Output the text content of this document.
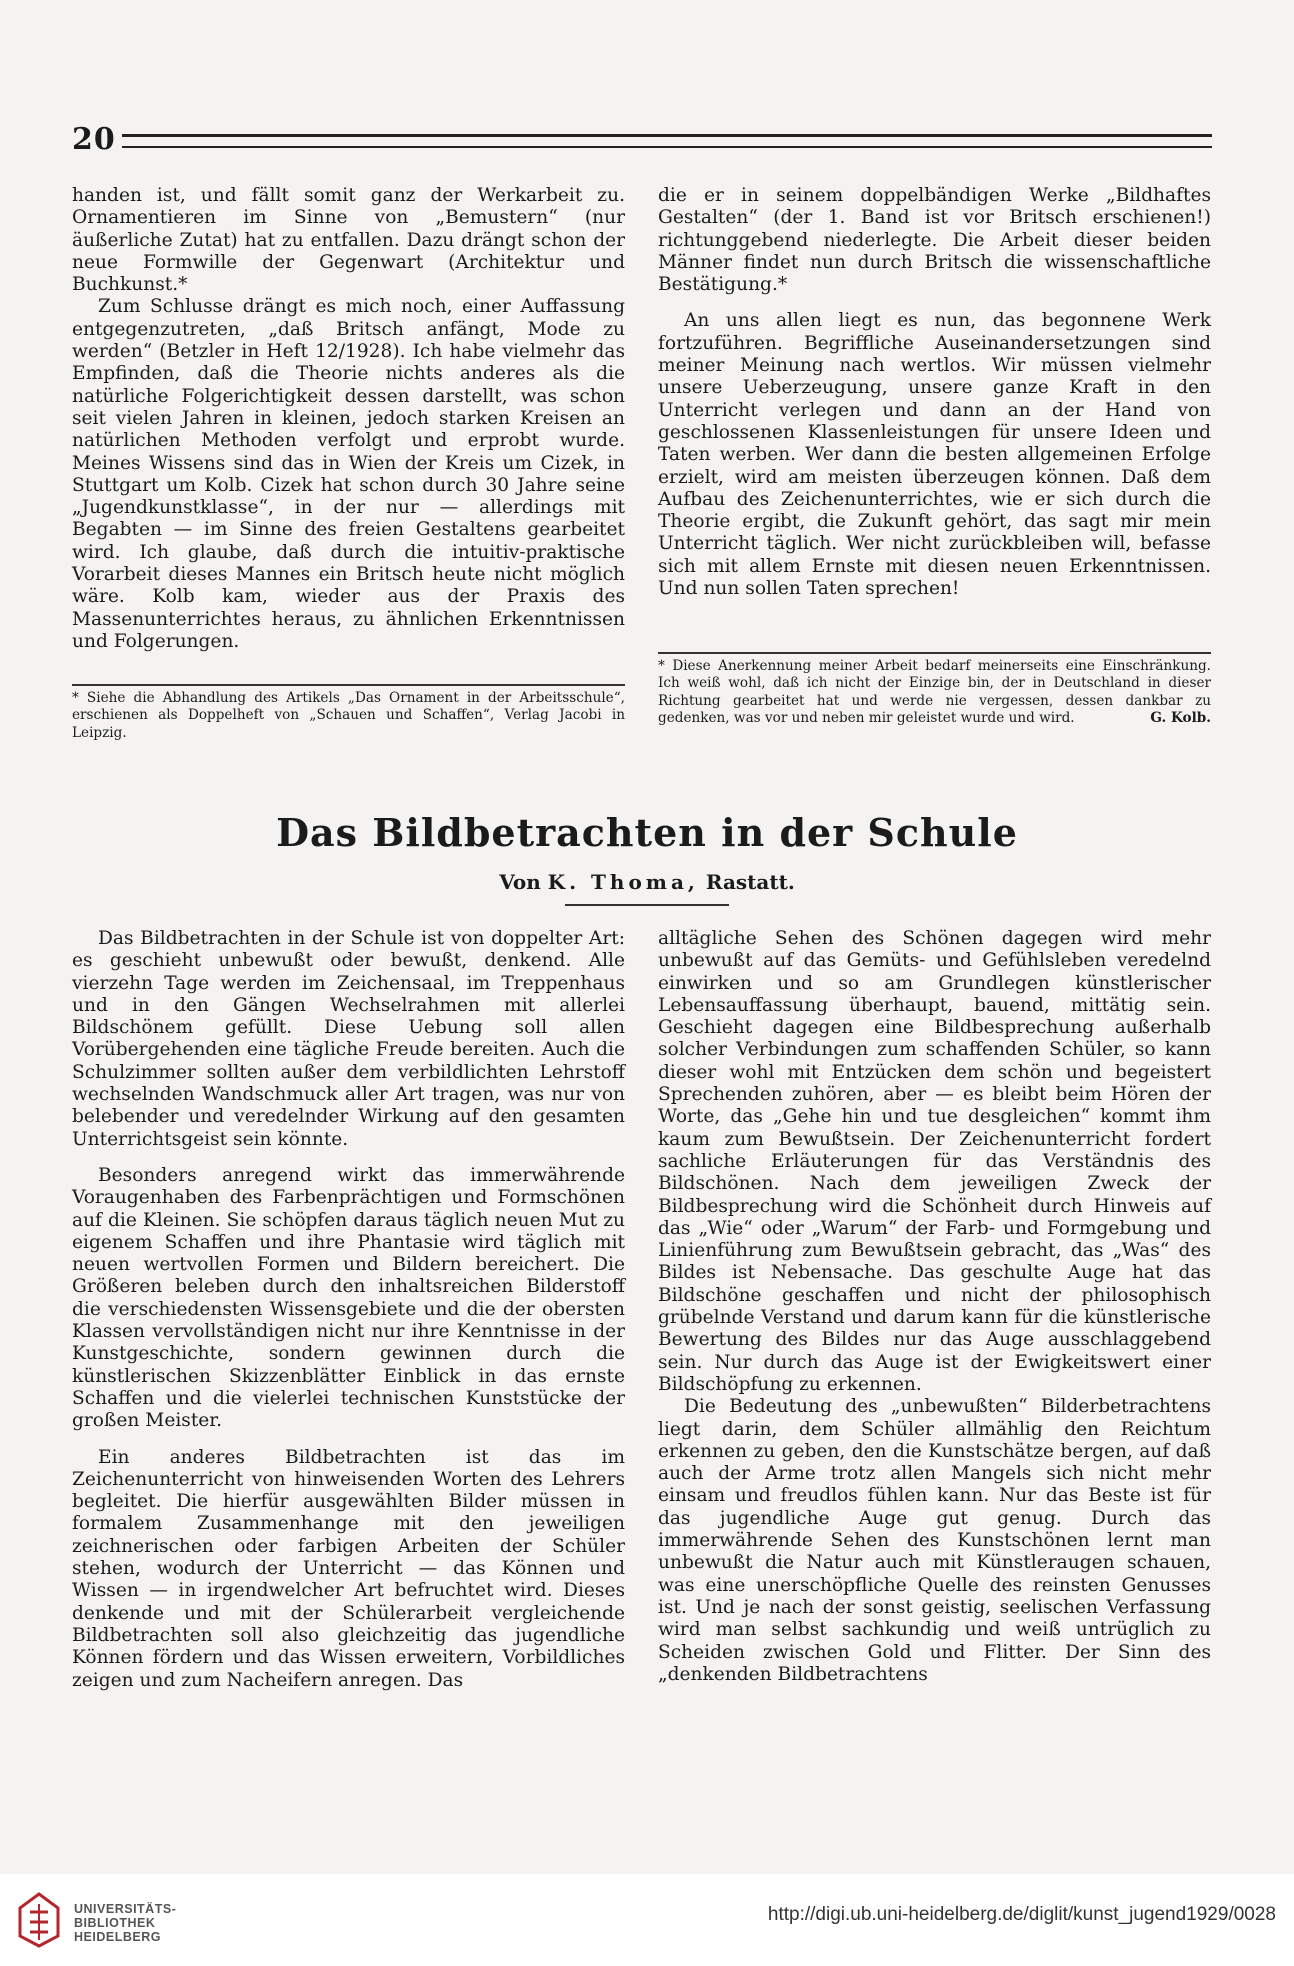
20

handen ist, und fällt somit ganz der Werkarbeit zu. Ornamentieren im Sinne von „Bemustern“ (nur äußerliche Zutat) hat zu entfallen. Dazu drängt schon der neue Formwille der Gegenwart (Architektur und Buchkunst.*

Zum Schlusse drängt es mich noch, einer Auffassung entgegenzutreten, „daß Britsch anfängt, Mode zu werden“ (Betzler in Heft 12/1928). Ich habe vielmehr das Empfinden, daß die Theorie nichts anderes als die natürliche Folgerichtigkeit dessen darstellt, was schon seit vielen Jahren in kleinen, jedoch starken Kreisen an natürlichen Methoden verfolgt und erprobt wurde. Meines Wissens sind das in Wien der Kreis um Cizek, in Stuttgart um Kolb. Cizek hat schon durch 30 Jahre seine „Jugendkunstklasse“, in der nur — allerdings mit Begabten — im Sinne des freien Gestaltens gearbeitet wird. Ich glaube, daß durch die intuitiv-praktische Vorarbeit dieses Mannes ein Britsch heute nicht möglich wäre. Kolb kam, wieder aus der Praxis des Massenunterrichtes heraus, zu ähnlichen Erkenntnissen und Folgerungen.

* Siehe die Abhandlung des Artikels „Das Ornament in der Arbeitsschule“, erschienen als Doppelheft von „Schauen und Schaffen“, Verlag Jacobi in Leipzig.

die er in seinem doppelbändigen Werke „Bildhaftes Gestalten“ (der 1. Band ist vor Britsch erschienen!) richtunggebend niederlegte. Die Arbeit dieser beiden Männer findet nun durch Britsch die wissenschaftliche Bestätigung.*

An uns allen liegt es nun, das begonnene Werk fortzuführen. Begriffliche Auseinandersetzungen sind meiner Meinung nach wertlos. Wir müssen vielmehr unsere Ueberzeugung, unsere ganze Kraft in den Unterricht verlegen und dann an der Hand von geschlossenen Klassenleistungen für unsere Ideen und Taten werben. Wer dann die besten allgemeinen Erfolge erzielt, wird am meisten überzeugen können. Daß dem Aufbau des Zeichenunterrichtes, wie er sich durch die Theorie ergibt, die Zukunft gehört, das sagt mir mein Unterricht täglich. Wer nicht zurückbleiben will, befasse sich mit allem Ernste mit diesen neuen Erkenntnissen. Und nun sollen Taten sprechen!

* Diese Anerkennung meiner Arbeit bedarf meinerseits eine Einschränkung. Ich weiß wohl, daß ich nicht der Einzige bin, der in Deutschland in dieser Richtung gearbeitet hat und werde nie vergessen, dessen dankbar zu gedenken, was vor und neben mir geleistet wurde und wird.	G. Kolb.

Das Bildbetrachten in der Schule
Von K. Thoma, Rastatt.

Das Bildbetrachten in der Schule ist von doppelter Art: es geschieht unbewußt oder bewußt, denkend. Alle vierzehn Tage werden im Zeichensaal, im Treppenhaus und in den Gängen Wechselrahmen mit allerlei Bildschönem gefüllt. Diese Uebung soll allen Vorübergehenden eine tägliche Freude bereiten. Auch die Schulzimmer sollten außer dem verbildlichten Lehrstoff wechselnden Wandschmuck aller Art tragen, was nur von belebender und veredelnder Wirkung auf den gesamten Unterrichtsgeist sein könnte.

Besonders anregend wirkt das immerwährende Voraugenhaben des Farbenprächtigen und Formschönen auf die Kleinen. Sie schöpfen daraus täglich neuen Mut zu eigenem Schaffen und ihre Phantasie wird täglich mit neuen wertvollen Formen und Bildern bereichert. Die Größeren beleben durch den inhaltsreichen Bilderstoff die verschiedensten Wissensgebiete und die der obersten Klassen vervollständigen nicht nur ihre Kenntnisse in der Kunstgeschichte, sondern gewinnen durch die künstlerischen Skizzenblätter Einblick in das ernste Schaffen und die vielerlei technischen Kunststücke der großen Meister.

Ein anderes Bildbetrachten ist das im Zeichenunterricht von hinweisenden Worten des Lehrers begleitet. Die hierfür ausgewählten Bilder müssen in formalem Zusammenhange mit den jeweiligen zeichnerischen oder farbigen Arbeiten der Schüler stehen, wodurch der Unterricht — das Können und Wissen — in irgendwelcher Art befruchtet wird. Dieses denkende und mit der Schülerarbeit vergleichende Bildbetrachten soll also gleichzeitig das jugendliche Können fördern und das Wissen erweitern, Vorbildliches zeigen und zum Nacheifern anregen. Das

alltägliche Sehen des Schönen dagegen wird mehr unbewußt auf das Gemüts- und Gefühlsleben veredelnd einwirken und so am Grundlegen künstlerischer Lebensauffassung überhaupt, bauend, mittätig sein. Geschieht dagegen eine Bildbesprechung außerhalb solcher Verbindungen zum schaffenden Schüler, so kann dieser wohl mit Entzücken dem schön und begeistert Sprechenden zuhören, aber — es bleibt beim Hören der Worte, das „Gehe hin und tue desgleichen“ kommt ihm kaum zum Bewußtsein. Der Zeichenunterricht fordert sachliche Erläuterungen für das Verständnis des Bildschönen. Nach dem jeweiligen Zweck der Bildbesprechung wird die Schönheit durch Hinweis auf das „Wie“ oder „Warum“ der Farb- und Formgebung und Linienführung zum Bewußtsein gebracht, das „Was“ des Bildes ist Nebensache. Das geschulte Auge hat das Bildschöne geschaffen und nicht der philosophisch grübelnde Verstand und darum kann für die künstlerische Bewertung des Bildes nur das Auge ausschlaggebend sein. Nur durch das Auge ist der Ewigkeitswert einer Bildschöpfung zu erkennen.

Die Bedeutung des „unbewußten“ Bilderbetrachtens liegt darin, dem Schüler allmählig den Reichtum erkennen zu geben, den die Kunstschätze bergen, auf daß auch der Arme trotz allen Mangels sich nicht mehr einsam und freudlos fühlen kann. Nur das Beste ist für das jugendliche Auge gut genug. Durch das immerwährende Sehen des Kunstschönen lernt man unbewußt die Natur auch mit Künstleraugen schauen, was eine unerschöpfliche Quelle des reinsten Genusses ist. Und je nach der sonst geistig, seelischen Verfassung wird man selbst sachkundig und weiß untrüglich zu Scheiden zwischen Gold und Flitter. Der Sinn des „denkenden Bildbetrachtens

UNIVERSITÄTS-
BIBLIOTHEK
HEIDELBERG
http://digi.ub.uni-heidelberg.de/diglit/kunst_jugend1929/0028
